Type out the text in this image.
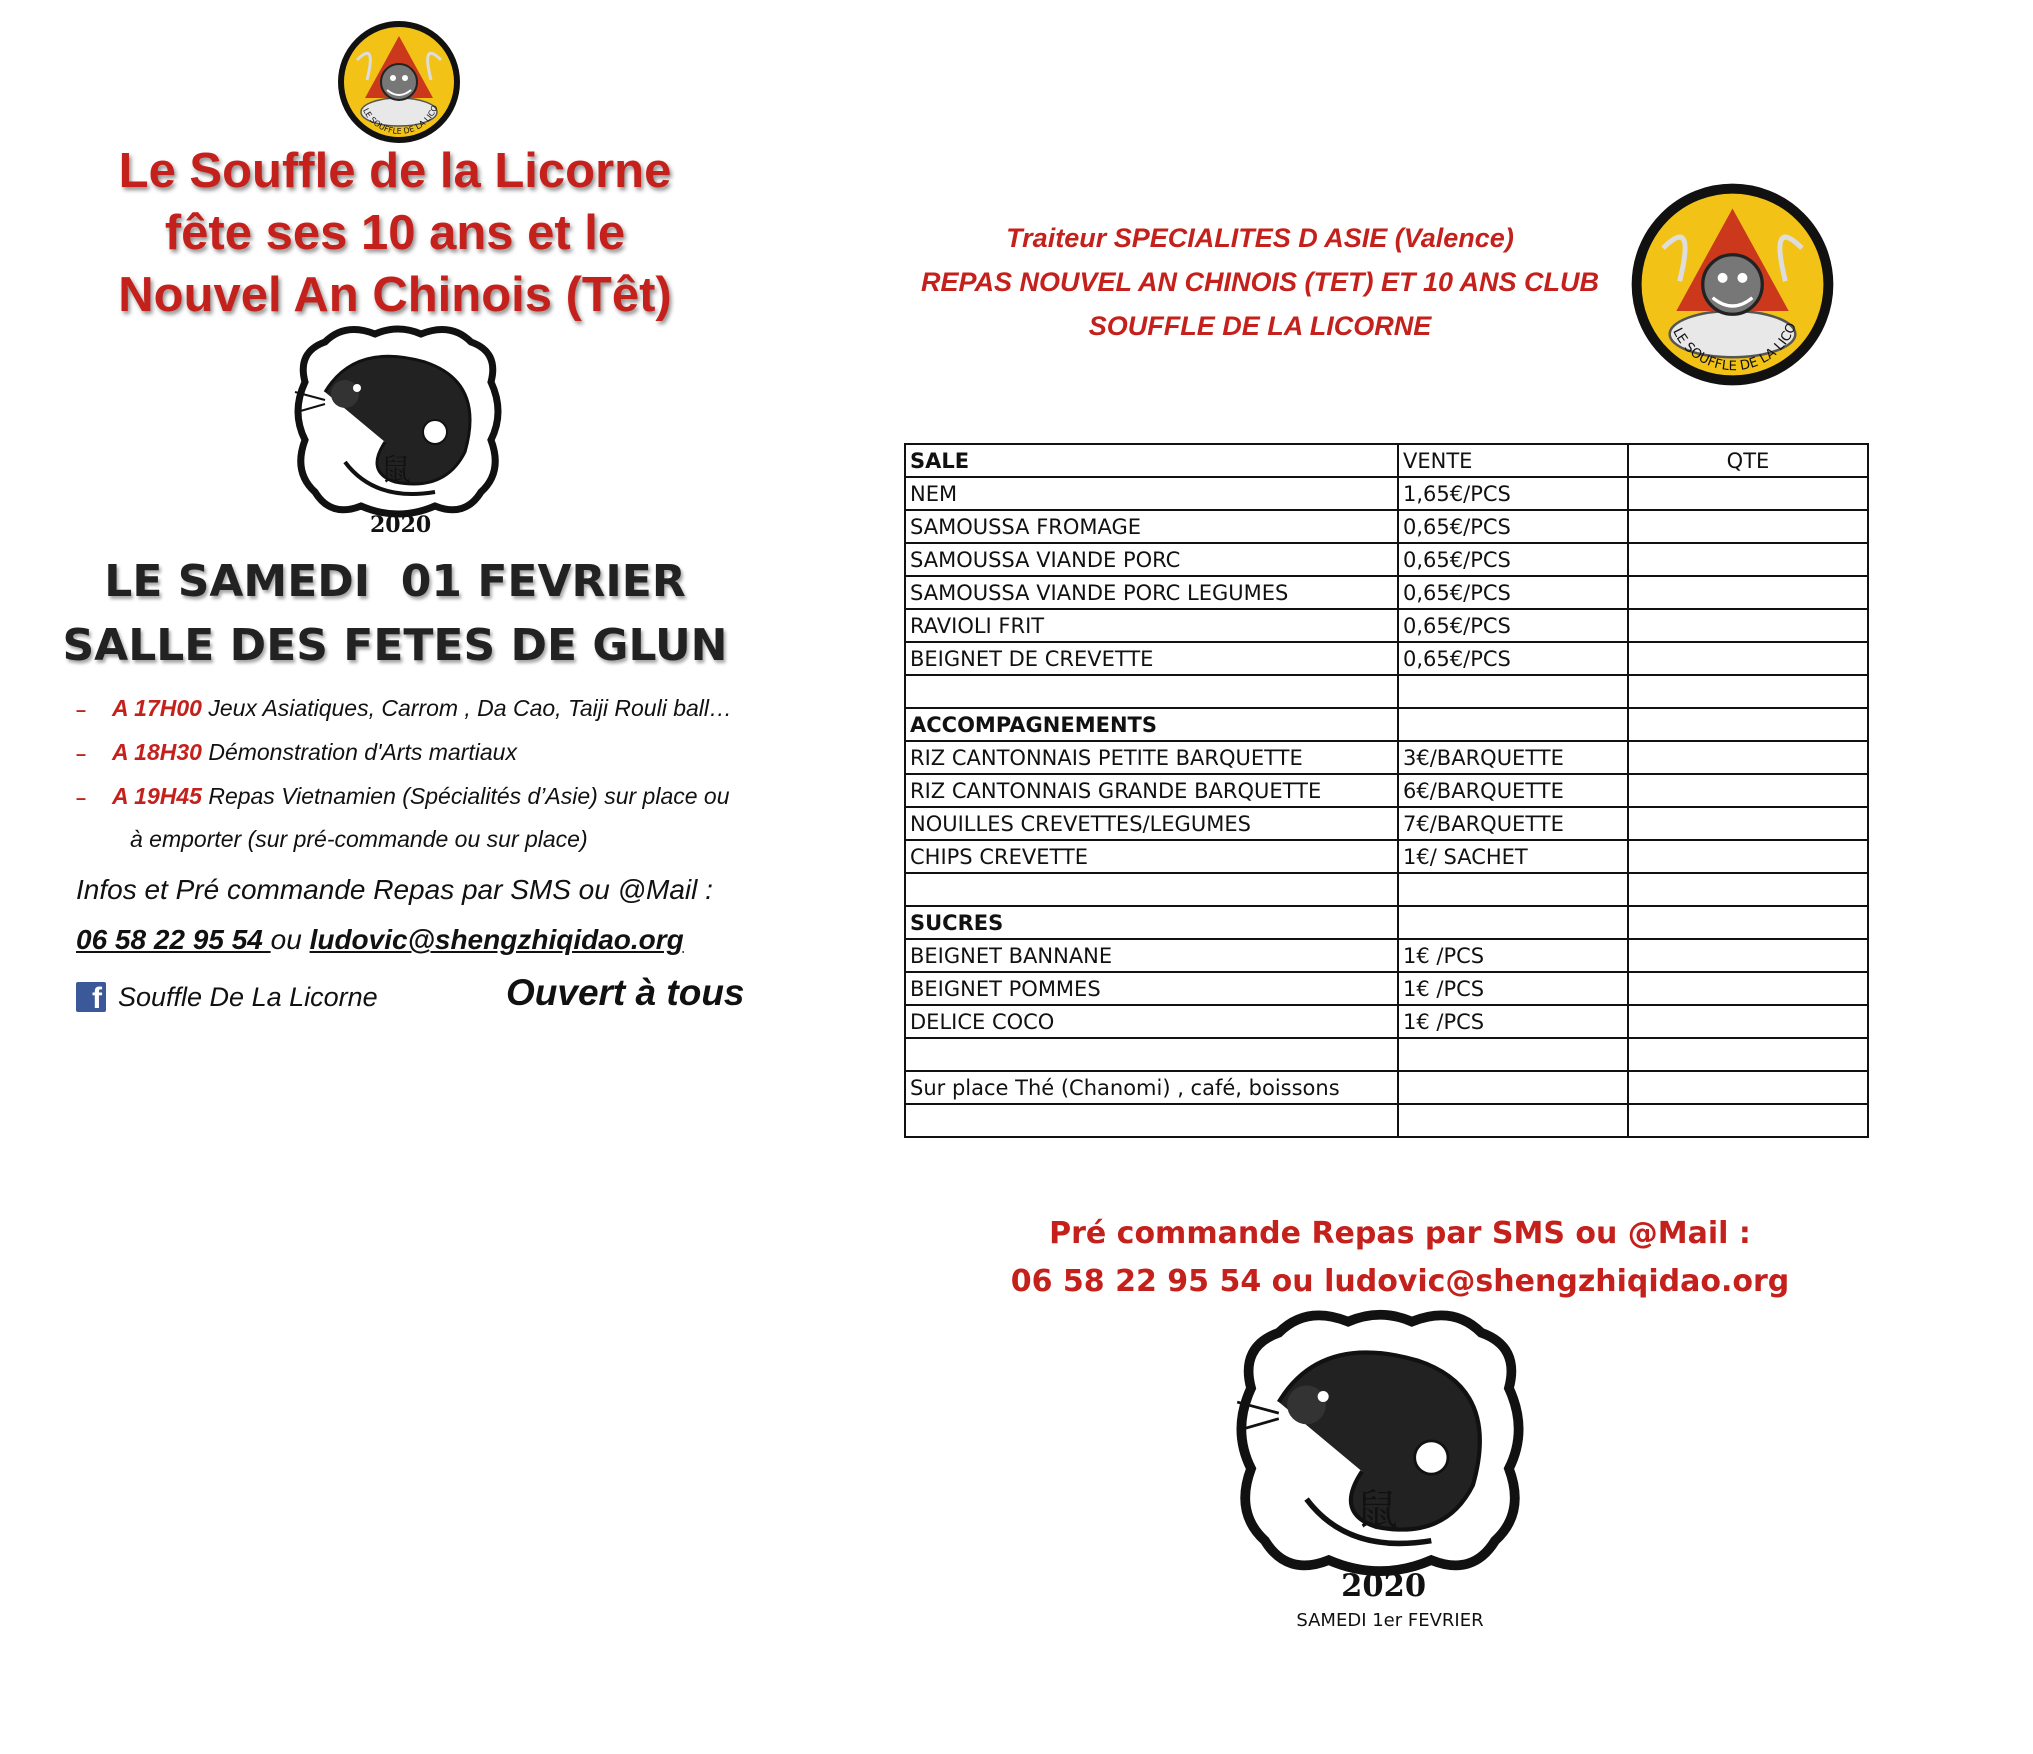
LE SOUFFLE DE LA LICO
Le Souffle de la Licorne
fête ses 10 ans et le
Nouvel An Chinois (Têt)
鼠
2020
LE SAMEDI  01 FEVRIER
SALLE DES FETES DE GLUN
– A 17H00 Jeux Asiatiques, Carrom , Da Cao, Taiji Rouli ball…
– A 18H30 Démonstration d'Arts martiaux
– A 19H45 Repas Vietnamien (Spécialités d’Asie) sur place ou
à emporter (sur pré-commande ou sur place)
Infos et Pré commande Repas par SMS ou @Mail :
06 58 22 95 54 ou ludovic@shengzhiqidao.org
f Souffle De La Licorne	Ouvert à tous
Traiteur SPECIALITES D ASIE (Valence)
REPAS NOUVEL AN CHINOIS (TET) ET 10 ANS CLUB
SOUFFLE DE LA LICORNE	LE SOUFFLE DE LA LICO
SALE	VENTE	QTE
NEM	1,65€/PCS	
SAMOUSSA FROMAGE	0,65€/PCS	
SAMOUSSA VIANDE PORC	0,65€/PCS	
SAMOUSSA VIANDE PORC LEGUMES	0,65€/PCS	
RAVIOLI FRIT	0,65€/PCS	
BEIGNET DE CREVETTE	0,65€/PCS	

ACCOMPAGNEMENTS		
RIZ CANTONNAIS PETITE BARQUETTE	3€/BARQUETTE	
RIZ CANTONNAIS GRANDE BARQUETTE	6€/BARQUETTE	
NOUILLES CREVETTES/LEGUMES	7€/BARQUETTE	
CHIPS CREVETTE	1€/ SACHET	

SUCRES		
BEIGNET BANNANE	1€ /PCS	
BEIGNET POMMES	1€ /PCS	
DELICE COCO	1€ /PCS	

Sur place Thé (Chanomi) , café, boissons		

Pré commande Repas par SMS ou @Mail :
06 58 22 95 54 ou ludovic@shengzhiqidao.org
鼠
2020
SAMEDI 1er FEVRIER
